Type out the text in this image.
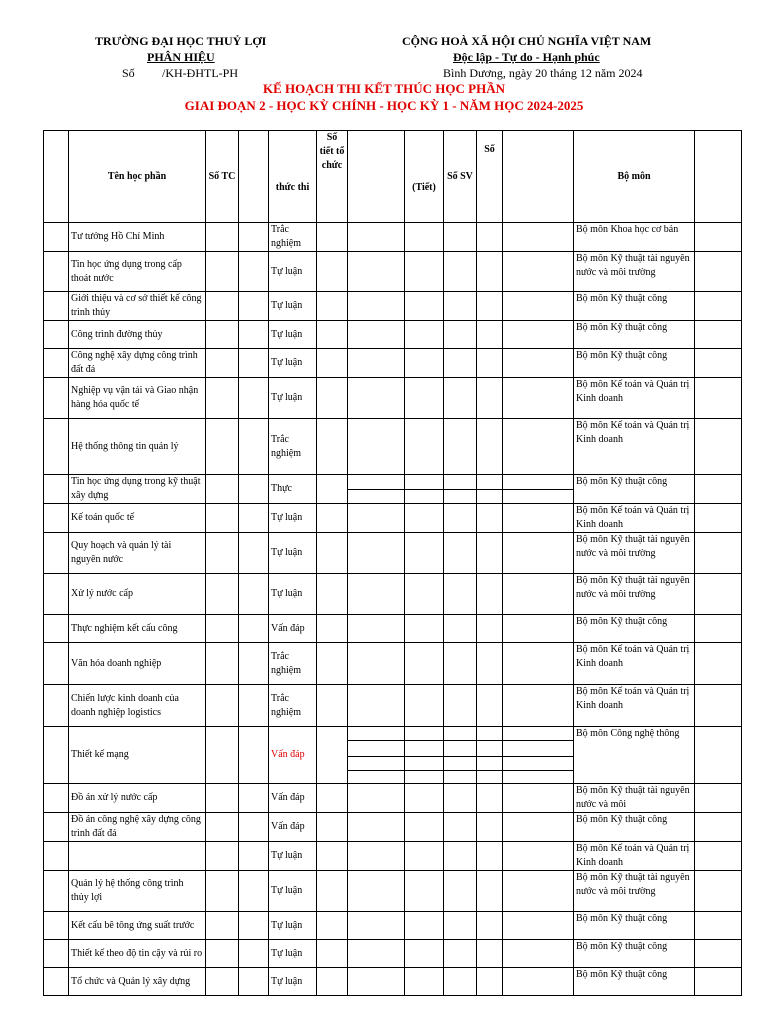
TRƯỜNG ĐẠI HỌC THUỶ LỢI
PHÂN HIỆU
Số /KH-ĐHTL-PH
CỘNG HOÀ XÃ HỘI CHỦ NGHĨA VIỆT NAM
Độc lập - Tự do - Hạnh phúc
Bình Dương, ngày 20 tháng 12 năm 2024
KẾ HOẠCH THI KẾT THÚC HỌC PHẦN
GIAI ĐOẠN 2 - HỌC KỲ CHÍNH - HỌC KỲ 1 - NĂM HỌC 2024-2025
	Tên học phần	Số TC		thức thi	Số tiết tổ chức		(Tiết)	Số SV	Số		Bộ môn	
	Tư tưởng Hồ Chí Minh			Trắc nghiệm							Bộ môn Khoa học cơ bản	
	Tin học ứng dụng trong cấp thoát nước			Tự luận							Bộ môn Kỹ thuật tài nguyên nước và môi trường	
	Giới thiệu và cơ sở thiết kế công trình thủy			Tự luận							Bộ môn Kỹ thuật công	
	Công trình đường thủy			Tự luận							Bộ môn Kỹ thuật công	
	Công nghệ xây dựng công trình đất đá			Tự luận							Bộ môn Kỹ thuật công	
	Nghiệp vụ vận tải và Giao nhận hàng hóa quốc tế			Tự luận							Bộ môn Kế toán và Quản trị Kinh doanh	
	Hệ thống thông tin quản lý			Trắc nghiệm							Bộ môn Kế toán và Quản trị Kinh doanh	
	Tin học ứng dụng trong kỹ thuật xây dựng			Thực							Bộ môn Kỹ thuật công	
	Kế toán quốc tế			Tự luận							Bộ môn Kế toán và Quản trị Kinh doanh	
	Quy hoạch và quản lý tài nguyên nước			Tự luận							Bộ môn Kỹ thuật tài nguyên nước và môi trường	
	Xử lý nước cấp			Tự luận							Bộ môn Kỹ thuật tài nguyên nước và môi trường	
	Thực nghiệm kết cấu công			Vấn đáp							Bộ môn Kỹ thuật công	
	Văn hóa doanh nghiệp			Trắc nghiệm							Bộ môn Kế toán và Quản trị Kinh doanh	
	Chiến lược kinh doanh của doanh nghiệp logistics			Trắc nghiệm							Bộ môn Kế toán và Quản trị Kinh doanh	
	Thiết kế mạng			Vấn đáp							Bộ môn Công nghệ thông	
	Đồ án xử lý nước cấp			Vấn đáp							Bộ môn Kỹ thuật tài nguyên nước và môi	
	Đồ án công nghệ xây dựng công trình đất đá			Vấn đáp							Bộ môn Kỹ thuật công	
				Tự luận							Bộ môn Kế toán và Quản trị Kinh doanh	
	Quản lý hệ thống công trình thủy lợi			Tự luận							Bộ môn Kỹ thuật tài nguyên nước và môi trường	
	Kết cấu bê tông ứng suất trước			Tự luận							Bộ môn Kỹ thuật công	
	Thiết kế theo độ tin cậy và rủi ro			Tự luận							Bộ môn Kỹ thuật công	
	Tổ chức và Quản lý xây dựng			Tự luận							Bộ môn Kỹ thuật công	
